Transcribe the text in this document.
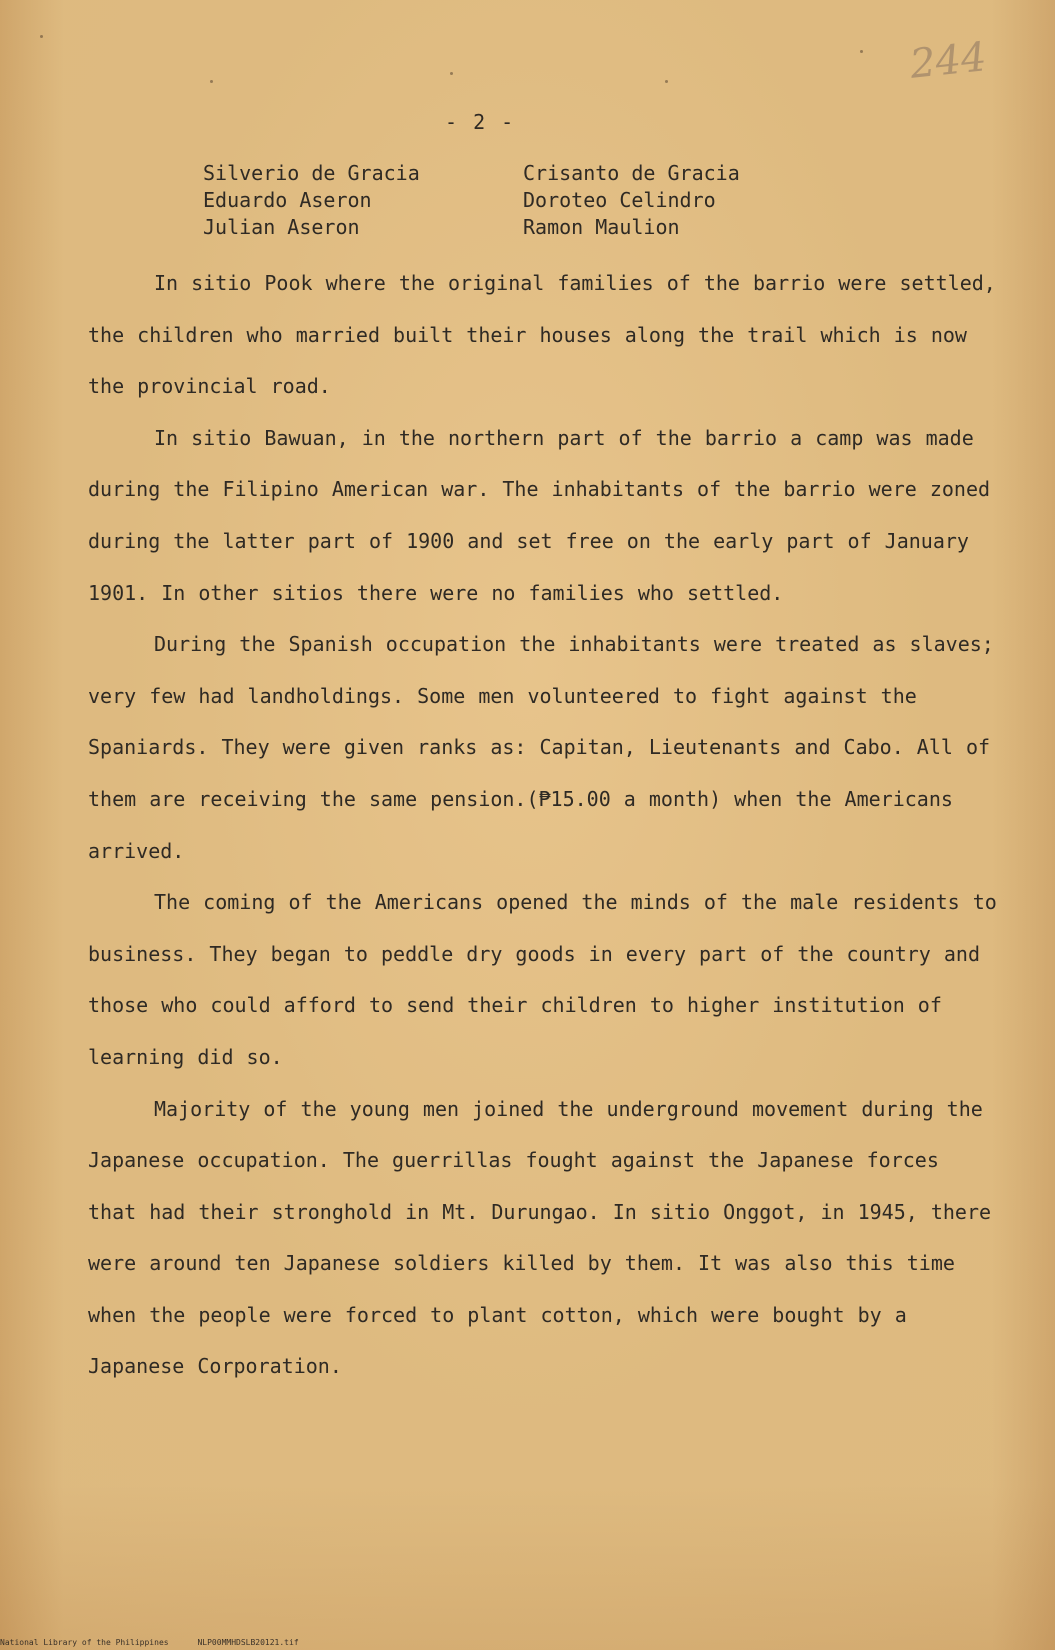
244
- 2 -
Silverio de Gracia
Eduardo Aseron
Julian Aseron
Crisanto de Gracia
Doroteo Celindro
Ramon Maulion

In sitio Pook where the original families of the barrio were settled, the children who married built their houses along the trail which is now the provincial road.

In sitio Bawuan, in the northern part of the barrio a camp was made during the Filipino American war. The inhabitants of the barrio were zoned during the latter part of 1900 and set free on the early part of January 1901. In other sitios there were no families who settled.

During the Spanish occupation the inhabitants were treated as slaves; very few had landholdings. Some men volunteered to fight against the Spaniards. They were given ranks as: Capitan, Lieutenants and Cabo. All of them are receiving the same pension.(₱15.00 a month) when the Americans arrived.

The coming of the Americans opened the minds of the male residents to business. They began to peddle dry goods in every part of the country and those who could afford to send their children to higher institution of learning did so.

Majority of the young men joined the underground movement during the Japanese occupation. The guerrillas fought against the Japanese forces that had their stronghold in Mt. Durungao. In sitio Onggot, in 1945, there were around ten Japanese soldiers killed by them. It was also this time when the people were forced to plant cotton, which were bought by a Japanese Corporation.

National Library of the Philippines	NLP00MMHDSLB20121.tif
